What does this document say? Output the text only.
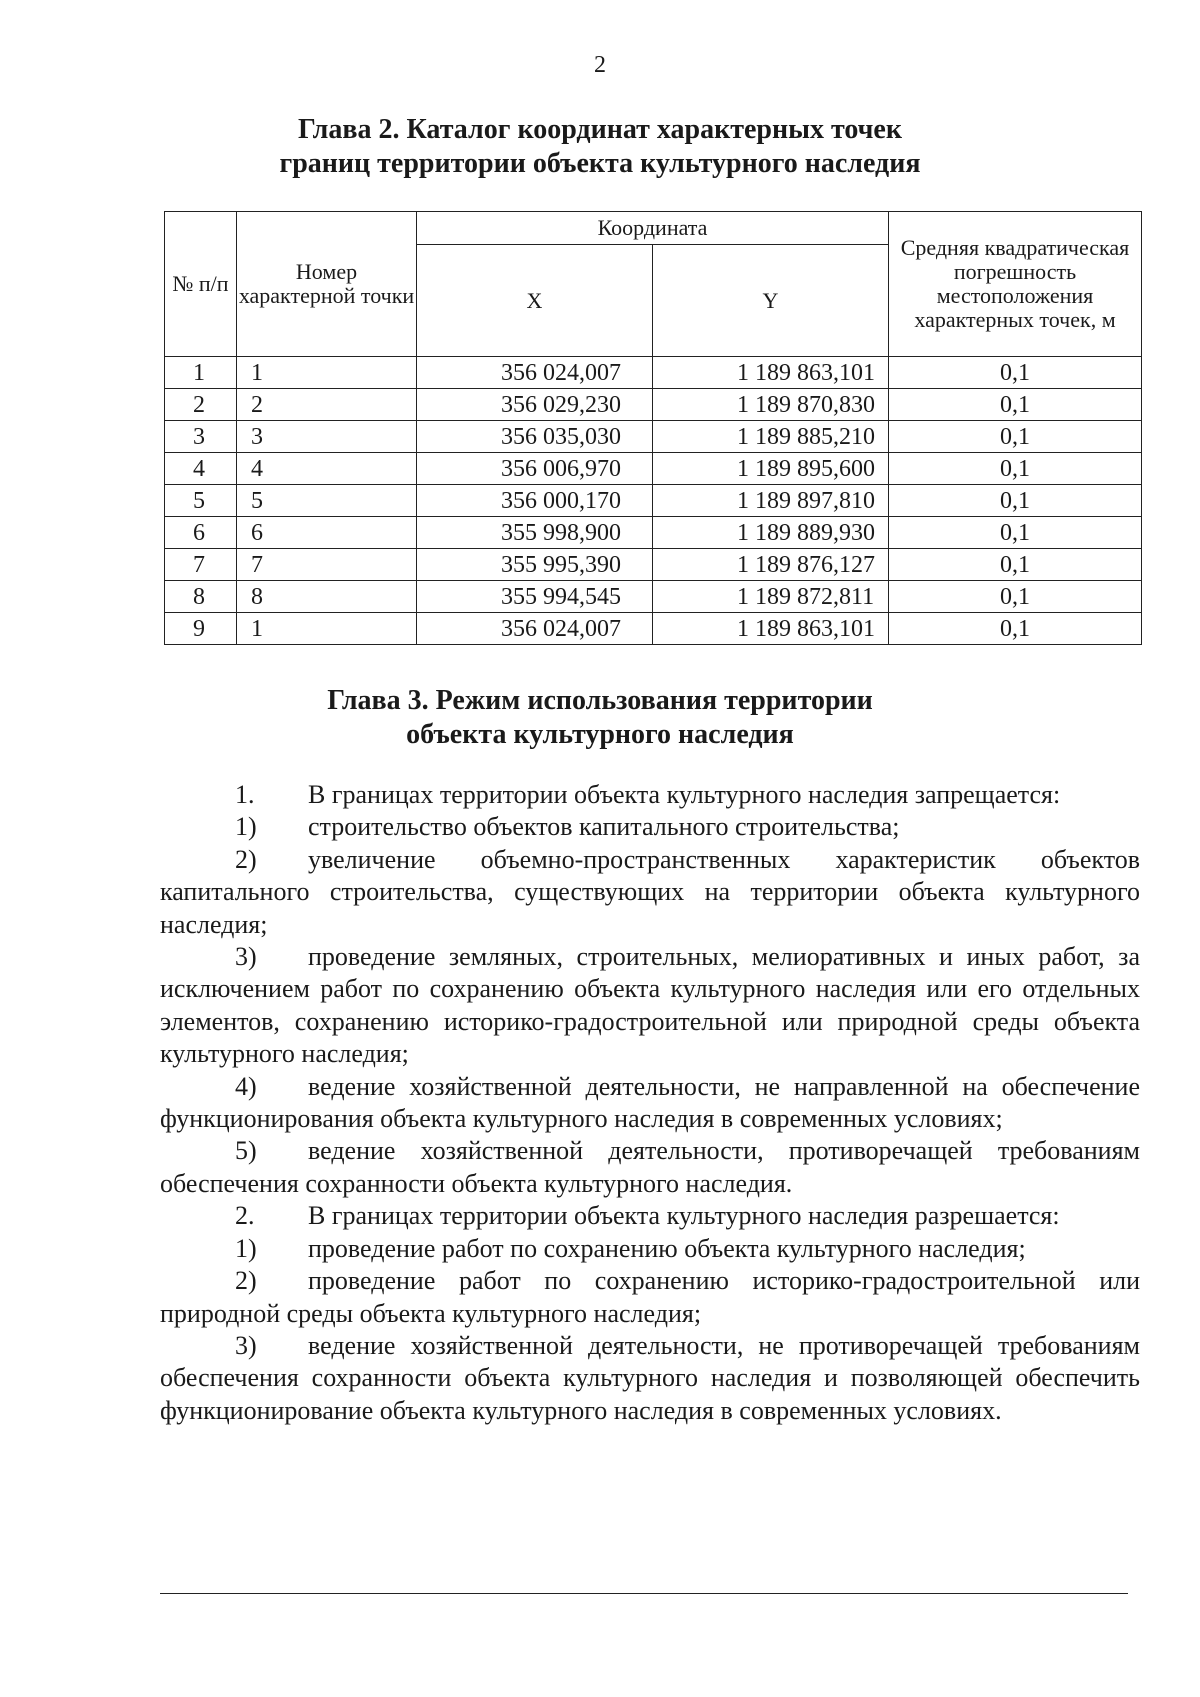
2
Глава 2. Каталог координат характерных точек
границ территории объекта культурного наследия
№ п/п	Номер характерной точки	Координата		Средняя квадратическая погрешность местоположения характерных точек, м
		X	Y	
1	1	356 024,007	1 189 863,101	0,1
2	2	356 029,230	1 189 870,830	0,1
3	3	356 035,030	1 189 885,210	0,1
4	4	356 006,970	1 189 895,600	0,1
5	5	356 000,170	1 189 897,810	0,1
6	6	355 998,900	1 189 889,930	0,1
7	7	355 995,390	1 189 876,127	0,1
8	8	355 994,545	1 189 872,811	0,1
9	1	356 024,007	1 189 863,101	0,1
Глава 3. Режим использования территории
объекта культурного наследия

1. В границах территории объекта культурного наследия запрещается:

1) строительство объектов капитального строительства;

2) увеличение объемно-пространственных характеристик объектов капитального строительства, существующих на территории объекта культурного наследия;

3) проведение земляных, строительных, мелиоративных и иных работ, за исключением работ по сохранению объекта культурного наследия или его отдельных элементов, сохранению историко-градостроительной или природной среды объекта культурного наследия;

4) ведение хозяйственной деятельности, не направленной на обеспечение функционирования объекта культурного наследия в современных условиях;

5) ведение хозяйственной деятельности, противоречащей требованиям обеспечения сохранности объекта культурного наследия.

2. В границах территории объекта культурного наследия разрешается:

1) проведение работ по сохранению объекта культурного наследия;

2) проведение работ по сохранению историко-градостроительной или природной среды объекта культурного наследия;

3) ведение хозяйственной деятельности, не противоречащей требованиям обеспечения сохранности объекта культурного наследия и позволяющей обеспечить функционирование объекта культурного наследия в современных условиях.
